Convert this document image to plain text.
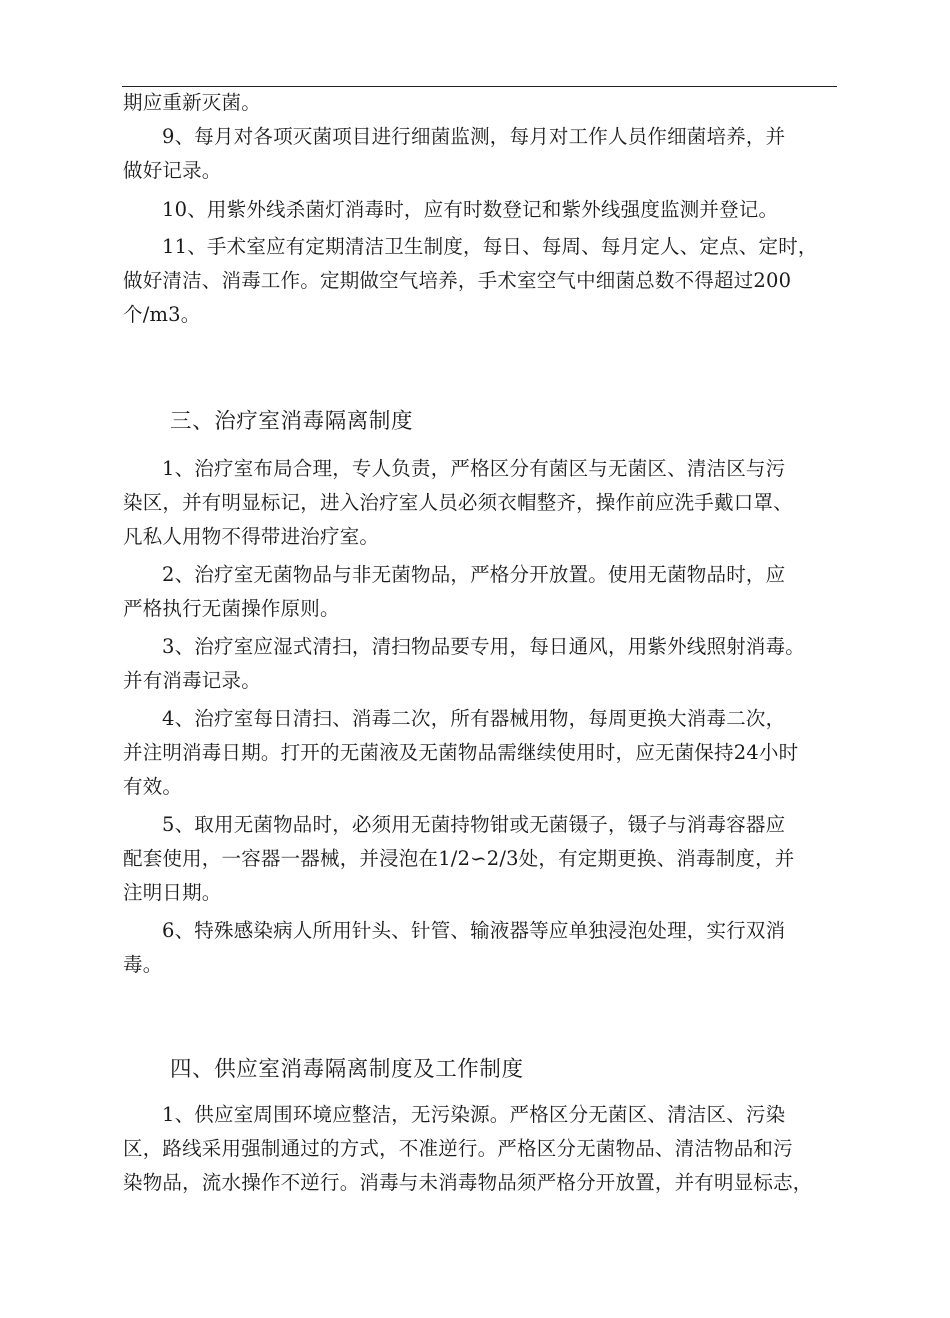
期应重新灭菌。
9、每月对各项灭菌项目进行细菌监测，每月对工作人员作细菌培养，并
做好记录。
10、用紫外线杀菌灯消毒时，应有时数登记和紫外线强度监测并登记。
11、手术室应有定期清洁卫生制度，每日、每周、每月定人、定点、定时，
做好清洁、消毒工作。定期做空气培养，手术室空气中细菌总数不得超过200
个/m3。
三、治疗室消毒隔离制度
1、治疗室布局合理，专人负责，严格区分有菌区与无菌区、清洁区与污
染区，并有明显标记，进入治疗室人员必须衣帽整齐，操作前应洗手戴口罩、
凡私人用物不得带进治疗室。
2、治疗室无菌物品与非无菌物品，严格分开放置。使用无菌物品时，应
严格执行无菌操作原则。
3、治疗室应湿式清扫，清扫物品要专用，每日通风，用紫外线照射消毒。
并有消毒记录。
4、治疗室每日清扫、消毒二次，所有器械用物，每周更换大消毒二次，
并注明消毒日期。打开的无菌液及无菌物品需继续使用时，应无菌保持24小时
有效。
5、取用无菌物品时，必须用无菌持物钳或无菌镊子，镊子与消毒容器应
配套使用，一容器一器械，并浸泡在1/2∽2/3处，有定期更换、消毒制度，并
注明日期。
6、特殊感染病人所用针头、针管、输液器等应单独浸泡处理，实行双消
毒。
四、供应室消毒隔离制度及工作制度
1、供应室周围环境应整洁，无污染源。严格区分无菌区、清洁区、污染
区，路线采用强制通过的方式，不准逆行。严格区分无菌物品、清洁物品和污
染物品，流水操作不逆行。消毒与未消毒物品须严格分开放置，并有明显标志，
